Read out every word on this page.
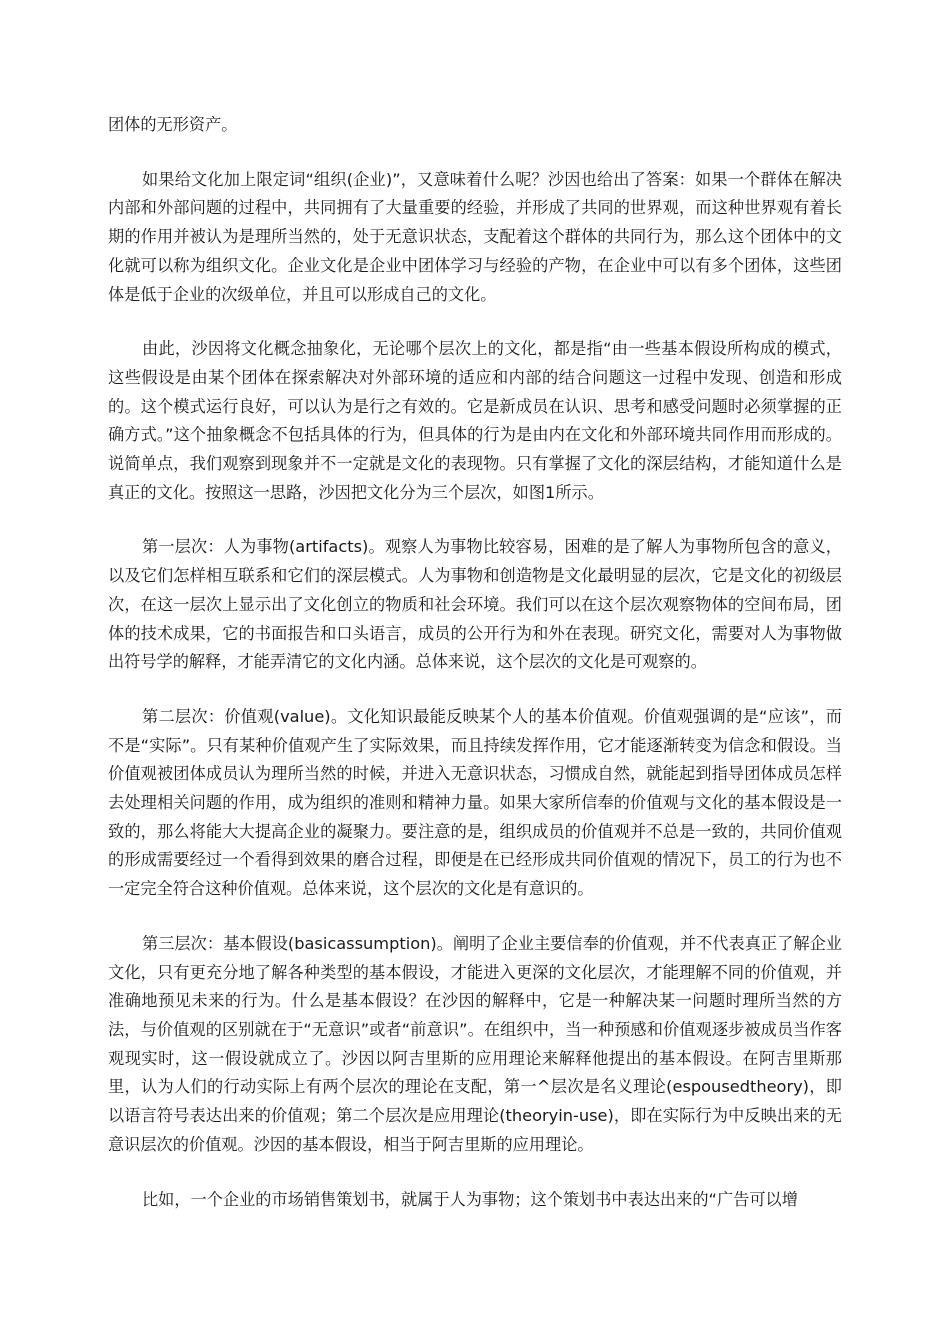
团体的无形资产。

如果给文化加上限定词“组织(企业)”，又意味着什么呢？沙因也给出了答案：如果一个群体在解决内部和外部问题的过程中，共同拥有了大量重要的经验，并形成了共同的世界观，而这种世界观有着长期的作用并被认为是理所当然的，处于无意识状态，支配着这个群体的共同行为，那么这个团体中的文化就可以称为组织文化。企业文化是企业中团体学习与经验的产物，在企业中可以有多个团体，这些团体是低于企业的次级单位，并且可以形成自己的文化。

由此，沙因将文化概念抽象化，无论哪个层次上的文化，都是指“由一些基本假设所构成的模式，这些假设是由某个团体在探索解决对外部环境的适应和内部的结合问题这一过程中发现、创造和形成的。这个模式运行良好，可以认为是行之有效的。它是新成员在认识、思考和感受问题时必须掌握的正确方式。”这个抽象概念不包括具体的行为，但具体的行为是由内在文化和外部环境共同作用而形成的。说简单点，我们观察到现象并不一定就是文化的表现物。只有掌握了文化的深层结构，才能知道什么是真正的文化。按照这一思路，沙因把文化分为三个层次，如图1所示。

第一层次：人为事物(artifacts)。观察人为事物比较容易，困难的是了解人为事物所包含的意义，以及它们怎样相互联系和它们的深层模式。人为事物和创造物是文化最明显的层次，它是文化的初级层次，在这一层次上显示出了文化创立的物质和社会环境。我们可以在这个层次观察物体的空间布局，团体的技术成果，它的书面报告和口头语言，成员的公开行为和外在表现。研究文化，需要对人为事物做出符号学的解释，才能弄清它的文化内涵。总体来说，这个层次的文化是可观察的。

第二层次：价值观(value)。文化知识最能反映某个人的基本价值观。价值观强调的是“应该”，而不是“实际”。只有某种价值观产生了实际效果，而且持续发挥作用，它才能逐渐转变为信念和假设。当价值观被团体成员认为理所当然的时候，并进入无意识状态，习惯成自然，就能起到指导团体成员怎样去处理相关问题的作用，成为组织的准则和精神力量。如果大家所信奉的价值观与文化的基本假设是一致的，那么将能大大提高企业的凝聚力。要注意的是，组织成员的价值观并不总是一致的，共同价值观的形成需要经过一个看得到效果的磨合过程，即便是在已经形成共同价值观的情况下，员工的行为也不一定完全符合这种价值观。总体来说，这个层次的文化是有意识的。

第三层次：基本假设(basicassumption)。阐明了企业主要信奉的价值观，并不代表真正了解企业文化，只有更充分地了解各种类型的基本假设，才能进入更深的文化层次，才能理解不同的价值观，并准确地预见未来的行为。什么是基本假设？在沙因的解释中，它是一种解决某一问题时理所当然的方法，与价值观的区别就在于“无意识”或者“前意识”。在组织中，当一种预感和价值观逐步被成员当作客观现实时，这一假设就成立了。沙因以阿吉里斯的应用理论来解释他提出的基本假设。在阿吉里斯那里，认为人们的行动实际上有两个层次的理论在支配，第一^层次是名义理论(espousedtheory)，即以语言符号表达出来的价值观；第二个层次是应用理论(theoryin-use)，即在实际行为中反映出来的无意识层次的价值观。沙因的基本假设，相当于阿吉里斯的应用理论。

比如，一个企业的市场销售策划书，就属于人为事物；这个策划书中表达出来的“广告可以增
